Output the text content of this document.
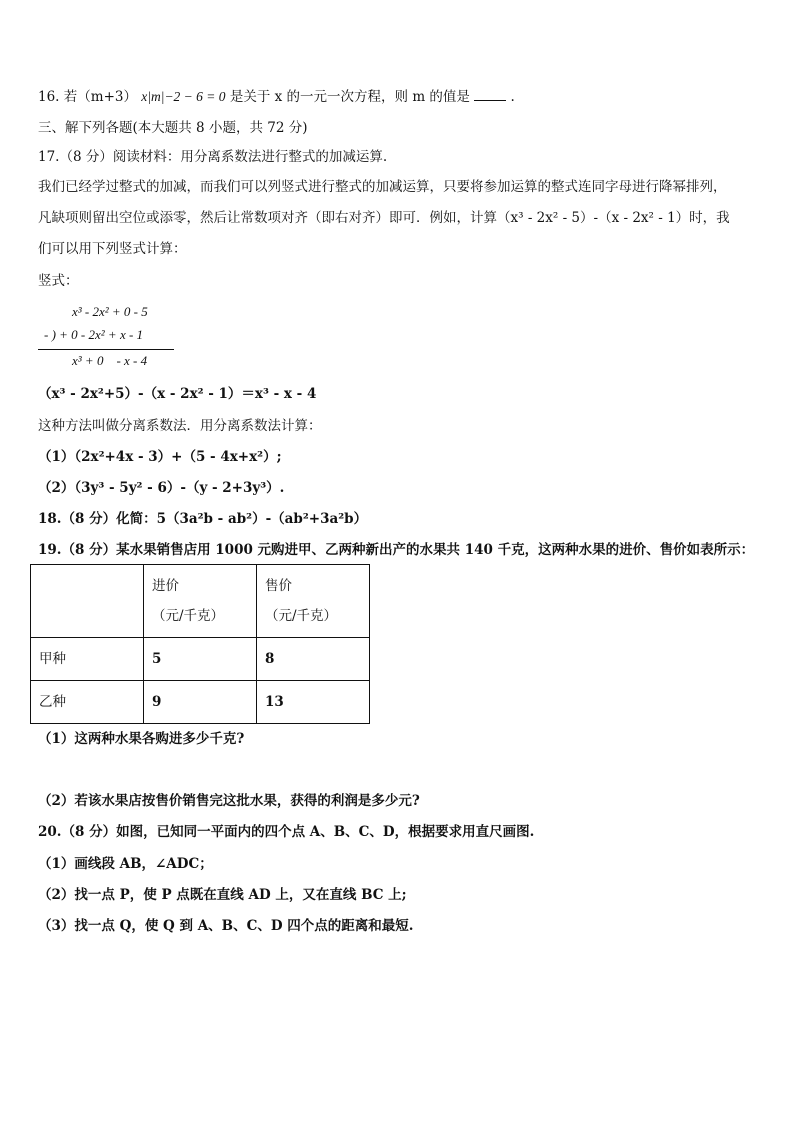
16. 若（m+3） x|m|−2 − 6 = 0 是关于 x 的一元一次方程，则 m 的值是	.
三、解下列各题(本大题共 8 小题，共 72 分)
17.（8 分）阅读材料：用分离系数法进行整式的加减运算.
我们已经学过整式的加减，而我们可以列竖式进行整式的加减运算，只要将参加运算的整式连同字母进行降幂排列，
凡缺项则留出空位或添零，然后让常数项对齐（即右对齐）即可．例如，计算（x³ - 2x² - 5）-（x - 2x² - 1）时，我
们可以用下列竖式计算：
竖式：
x³ - 2x² + 0 - 5
- ) + 0 - 2x² + x - 1
x³ + 0    - x - 4
（x³ - 2x²+5）-（x - 2x² - 1）＝x³ - x - 4
这种方法叫做分离系数法．用分离系数法计算：
（1）（2x²+4x - 3）+（5 - 4x+x²）;
（2）（3y³ - 5y² - 6）-（y - 2+3y³）.
18.（8 分）化简：5（3a²b - ab²）-（ab²+3a²b）
19.（8 分）某水果销售店用 1000 元购进甲、乙两种新出产的水果共 140 千克，这两种水果的进价、售价如表所示：
	进价
（元/千克）	售价
（元/千克）

甲种	5	8
乙种	9	13
（1）这两种水果各购进多少千克?
（2）若该水果店按售价销售完这批水果，获得的利润是多少元?
20.（8 分）如图，已知同一平面内的四个点 A、B、C、D，根据要求用直尺画图.
（1）画线段 AB，∠ADC；
（2）找一点 P，使 P 点既在直线 AD 上，又在直线 BC 上;
（3）找一点 Q，使 Q 到 A、B、C、D 四个点的距离和最短.
